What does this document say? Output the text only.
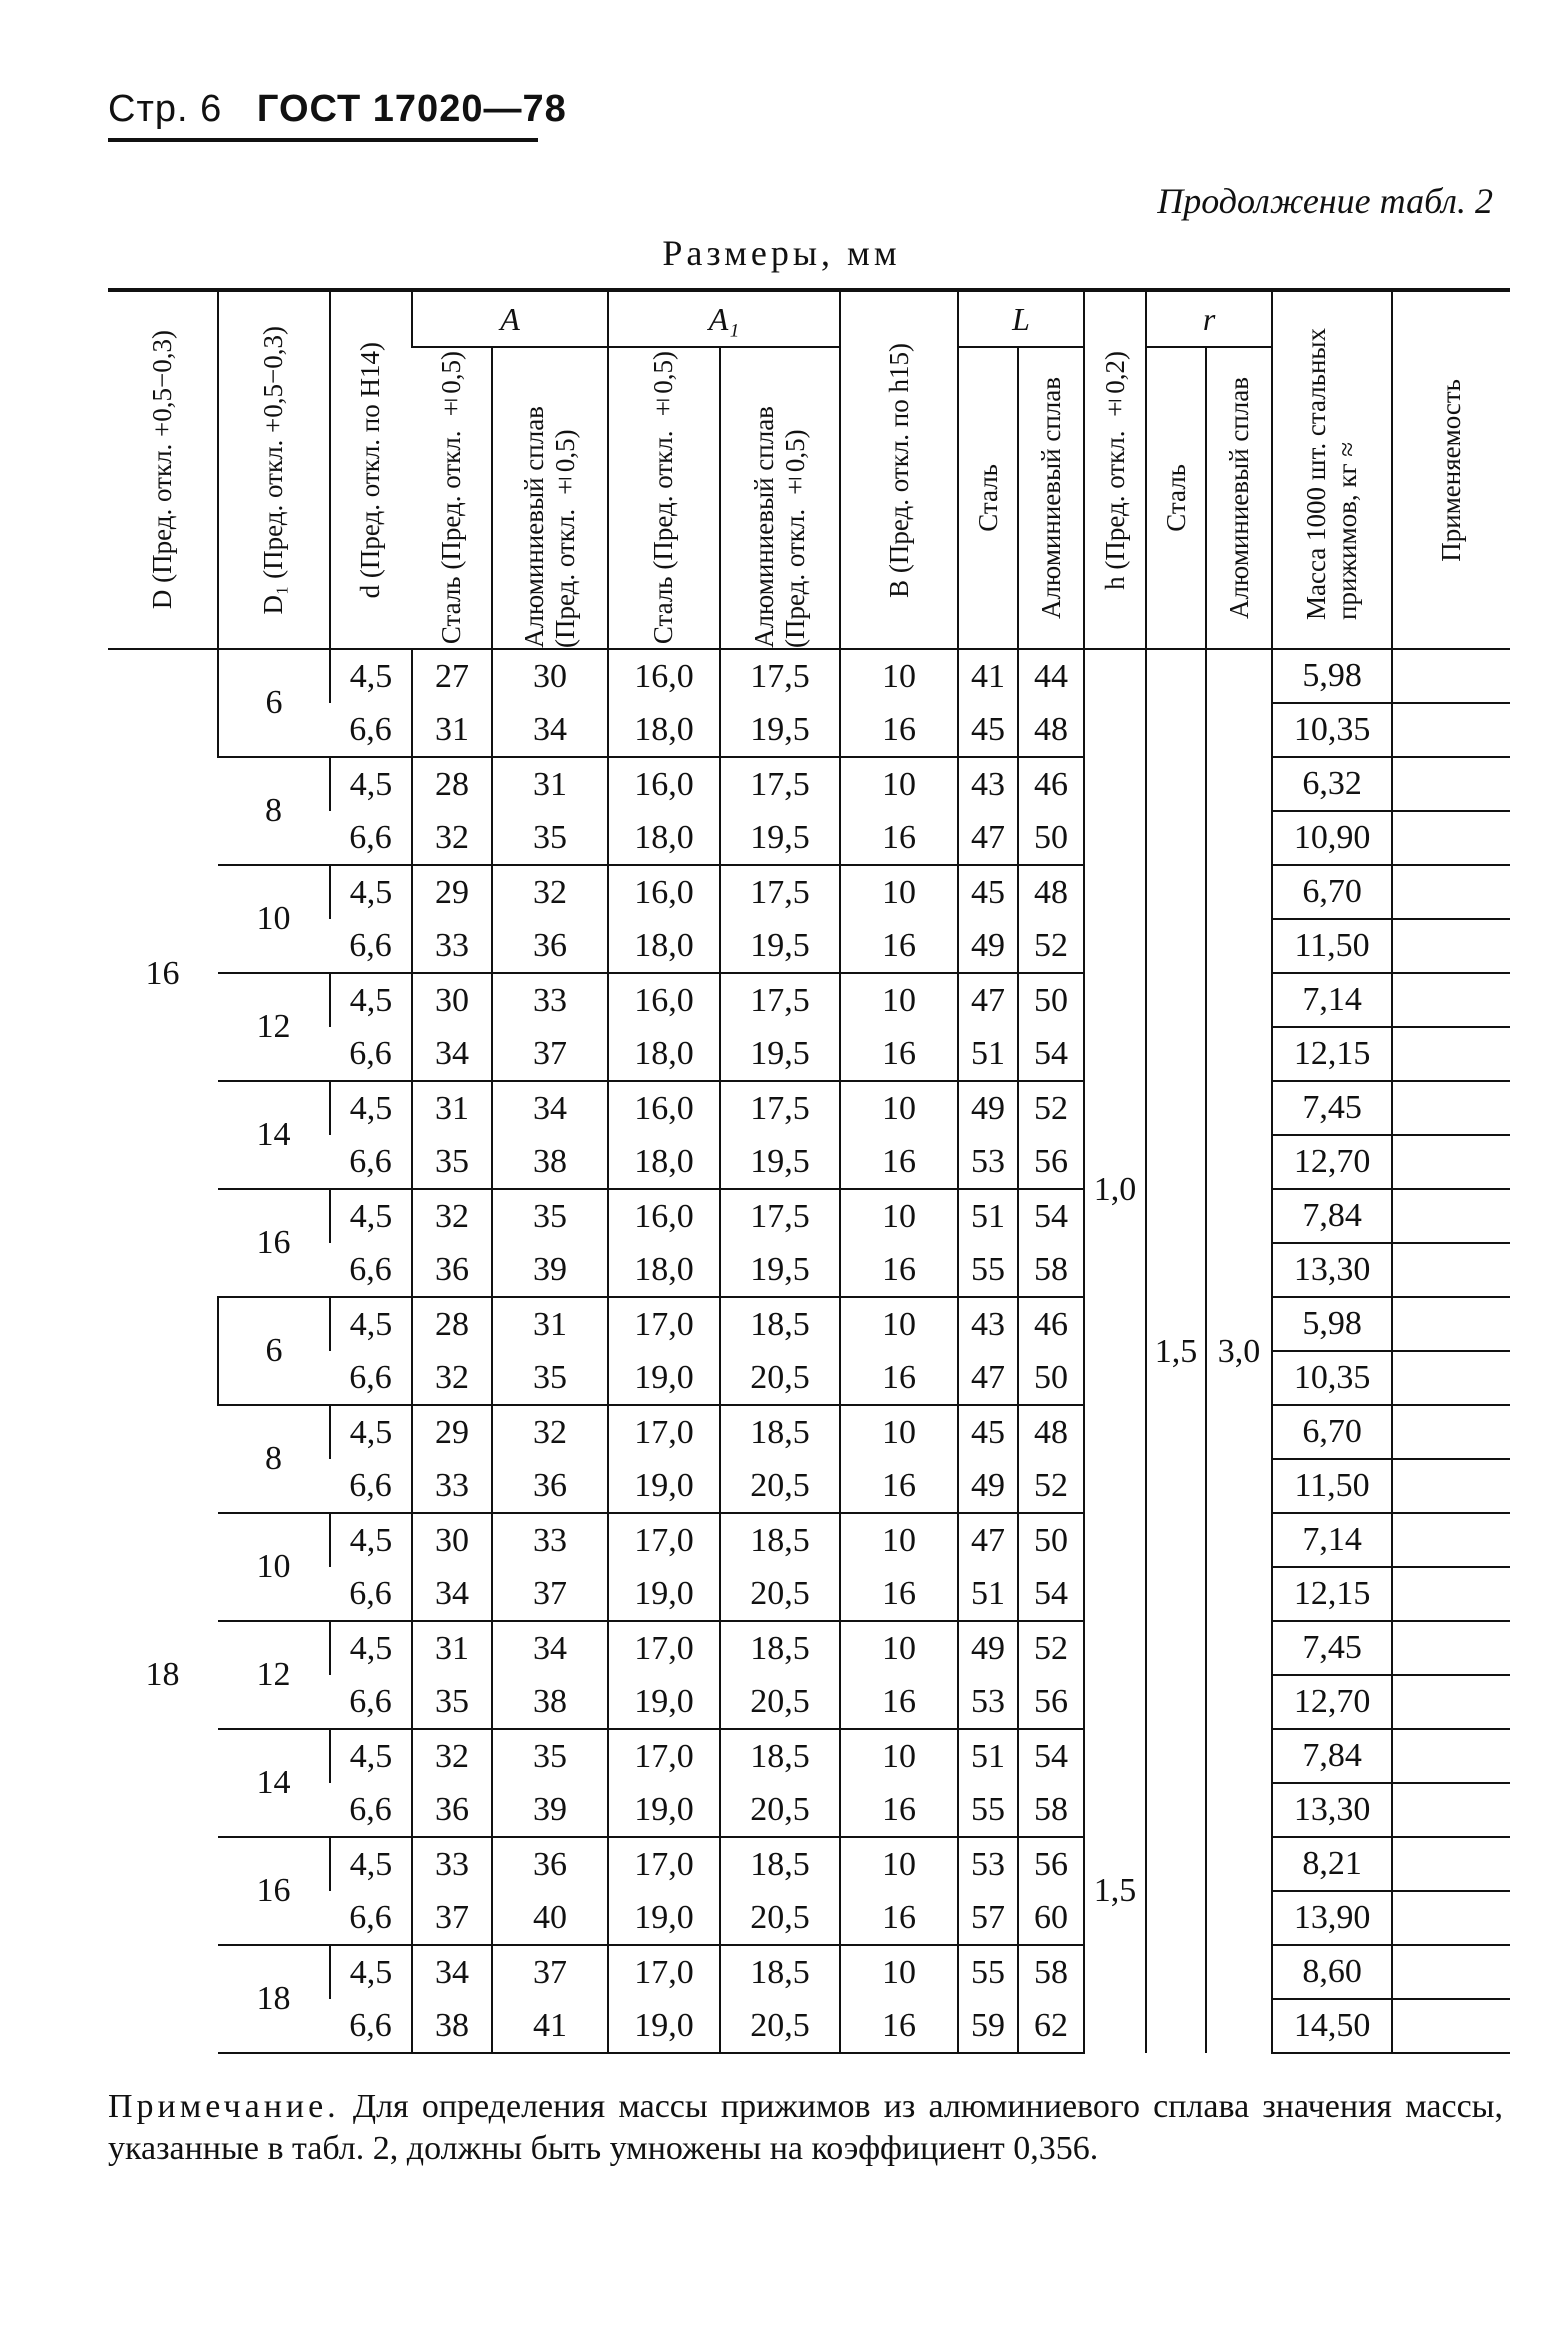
Стр. 6 ГОСТ 17020—78
Продолжение табл. 2
Размеры, мм
D (Пред. откл. +0,5−0,3)	D₁ (Пред. откл. +0,5−0,3)	d (Пред. откл. по H14)	A		A₁		B (Пред. откл. по h15)	L		h (Пред. откл. ±0,2)	r		Масса 1000 шт. стальных прижимов, кг ≈	Применяемость

			Сталь (Пред. откл. ±0,5)	Алюминиевый сплав (Пред. откл. ±0,5)	Сталь (Пред. откл. ±0,5)	Алюминиевый сплав (Пред. откл. ±0,5)		Сталь	Алюминиевый сплав		Сталь	Алюминиевый сплав		

16	6	4,5	27	30	16,0	17,5	10	41	44	1,0	1,5	3,0	5,98	
		6,6	31	34	18,0	19,5	16	45	48				10,35	
	8	4,5	28	31	16,0	17,5	10	43	46				6,32	
		6,6	32	35	18,0	19,5	16	47	50				10,90	
	10	4,5	29	32	16,0	17,5	10	45	48				6,70	
		6,6	33	36	18,0	19,5	16	49	52				11,50	
	12	4,5	30	33	16,0	17,5	10	47	50				7,14	
		6,6	34	37	18,0	19,5	16	51	54				12,15	
	14	4,5	31	34	16,0	17,5	10	49	52				7,45	
		6,6	35	38	18,0	19,5	16	53	56				12,70	
	16	4,5	32	35	16,0	17,5	10	51	54				7,84	
		6,6	36	39	18,0	19,5	16	55	58				13,30	
18	6	4,5	28	31	17,0	18,5	10	43	46				5,98	
		6,6	32	35	19,0	20,5	16	47	50				10,35	
	8	4,5	29	32	17,0	18,5	10	45	48				6,70	
		6,6	33	36	19,0	20,5	16	49	52				11,50	
	10	4,5	30	33	17,0	18,5	10	47	50				7,14	
		6,6	34	37	19,0	20,5	16	51	54				12,15	
	12	4,5	31	34	17,0	18,5	10	49	52				7,45	
		6,6	35	38	19,0	20,5	16	53	56				12,70	
	14	4,5	32	35	17,0	18,5	10	51	54	1,5			7,84	
		6,6	36	39	19,0	20,5	16	55	58				13,30	
	16	4,5	33	36	17,0	18,5	10	53	56				8,21	
		6,6	37	40	19,0	20,5	16	57	60				13,90	
	18	4,5	34	37	17,0	18,5	10	55	58				8,60	
		6,6	38	41	19,0	20,5	16	59	62				14,50	
Примечание. Для определения массы прижимов из алюминиевого сплава значения массы, указанные в табл. 2, должны быть умножены на коэффициент 0,356.
